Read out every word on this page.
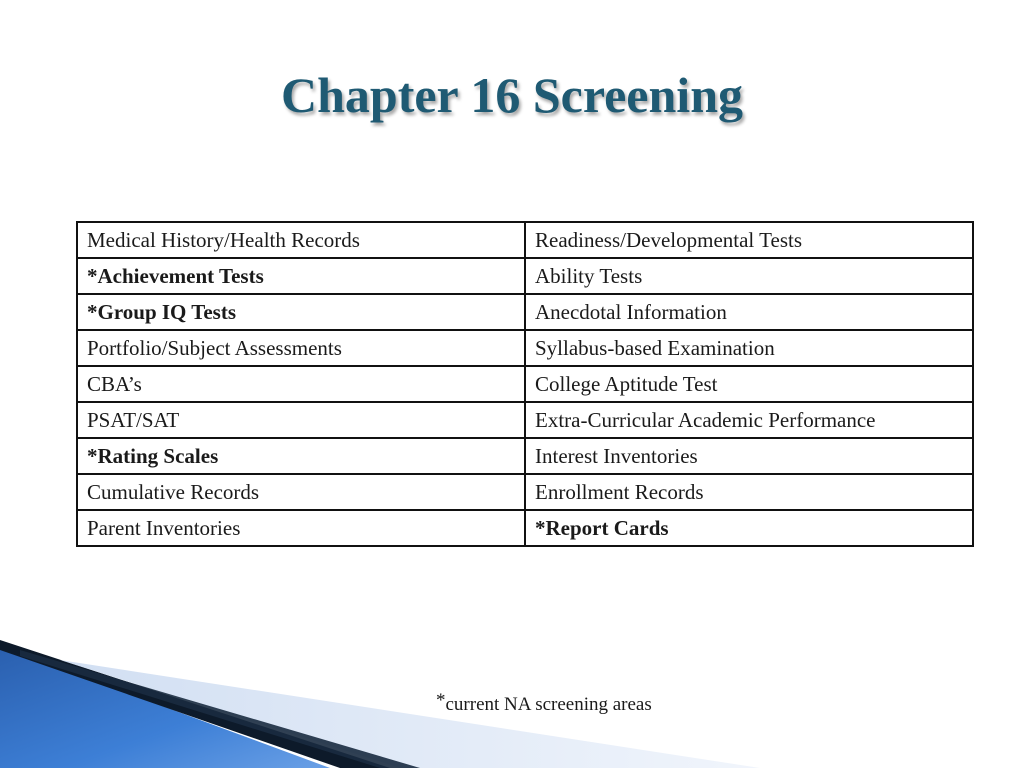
Chapter 16 Screening
Medical History/Health Records	Readiness/Developmental Tests
*Achievement Tests	Ability Tests
*Group IQ Tests	Anecdotal Information
Portfolio/Subject Assessments	Syllabus-based Examination
CBA’s	College Aptitude Test
PSAT/SAT	Extra-Curricular Academic Performance
*Rating Scales	Interest Inventories
Cumulative Records	Enrollment Records
Parent Inventories	*Report Cards
*current NA screening areas
